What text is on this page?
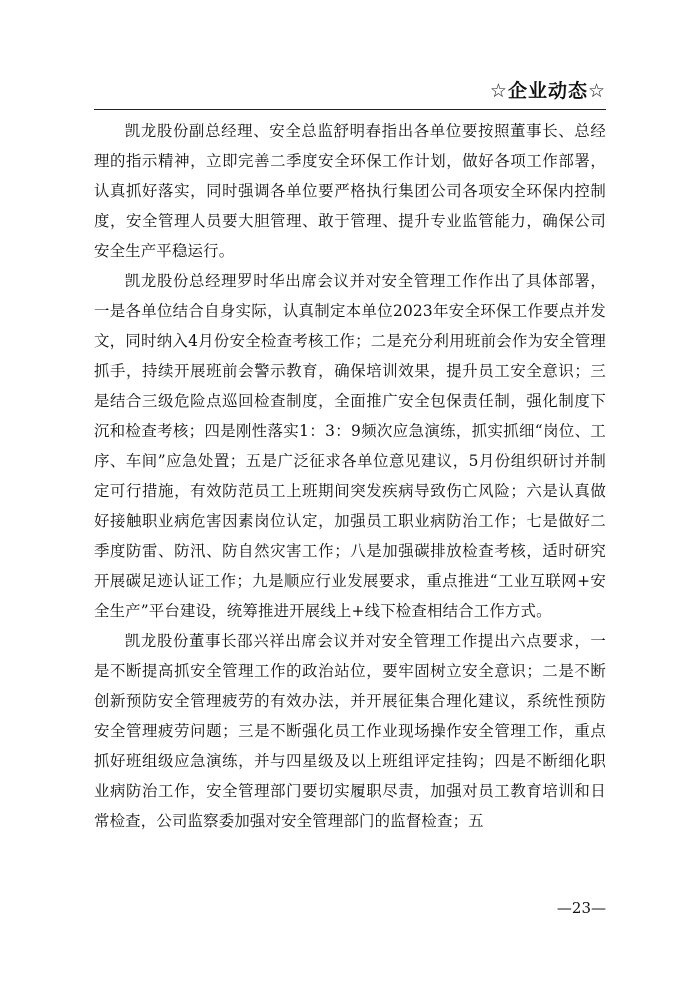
☆企业动态☆

凯龙股份副总经理、安全总监舒明春指出各单位要按照董事长、总经理的指示精神，立即完善二季度安全环保工作计划，做好各项工作部署，认真抓好落实，同时强调各单位要严格执行集团公司各项安全环保内控制度，安全管理人员要大胆管理、敢于管理、提升专业监管能力，确保公司安全生产平稳运行。

凯龙股份总经理罗时华出席会议并对安全管理工作作出了具体部署，一是各单位结合自身实际，认真制定本单位2023年安全环保工作要点并发文，同时纳入4月份安全检查考核工作；二是充分利用班前会作为安全管理抓手，持续开展班前会警示教育，确保培训效果，提升员工安全意识；三是结合三级危险点巡回检查制度，全面推广安全包保责任制，强化制度下沉和检查考核；四是刚性落实1：3：9频次应急演练，抓实抓细“岗位、工序、车间”应急处置；五是广泛征求各单位意见建议，5月份组织研讨并制定可行措施，有效防范员工上班期间突发疾病导致伤亡风险；六是认真做好接触职业病危害因素岗位认定，加强员工职业病防治工作；七是做好二季度防雷、防汛、防自然灾害工作；八是加强碳排放检查考核，适时研究开展碳足迹认证工作；九是顺应行业发展要求，重点推进“工业互联网+安全生产”平台建设，统筹推进开展线上+线下检查相结合工作方式。

凯龙股份董事长邵兴祥出席会议并对安全管理工作提出六点要求，一是不断提高抓安全管理工作的政治站位，要牢固树立安全意识；二是不断创新预防安全管理疲劳的有效办法，并开展征集合理化建议，系统性预防安全管理疲劳问题；三是不断强化员工作业现场操作安全管理工作，重点抓好班组级应急演练，并与四星级及以上班组评定挂钩；四是不断细化职业病防治工作，安全管理部门要切实履职尽责，加强对员工教育培训和日常检查，公司监察委加强对安全管理部门的监督检查；五

—23—
